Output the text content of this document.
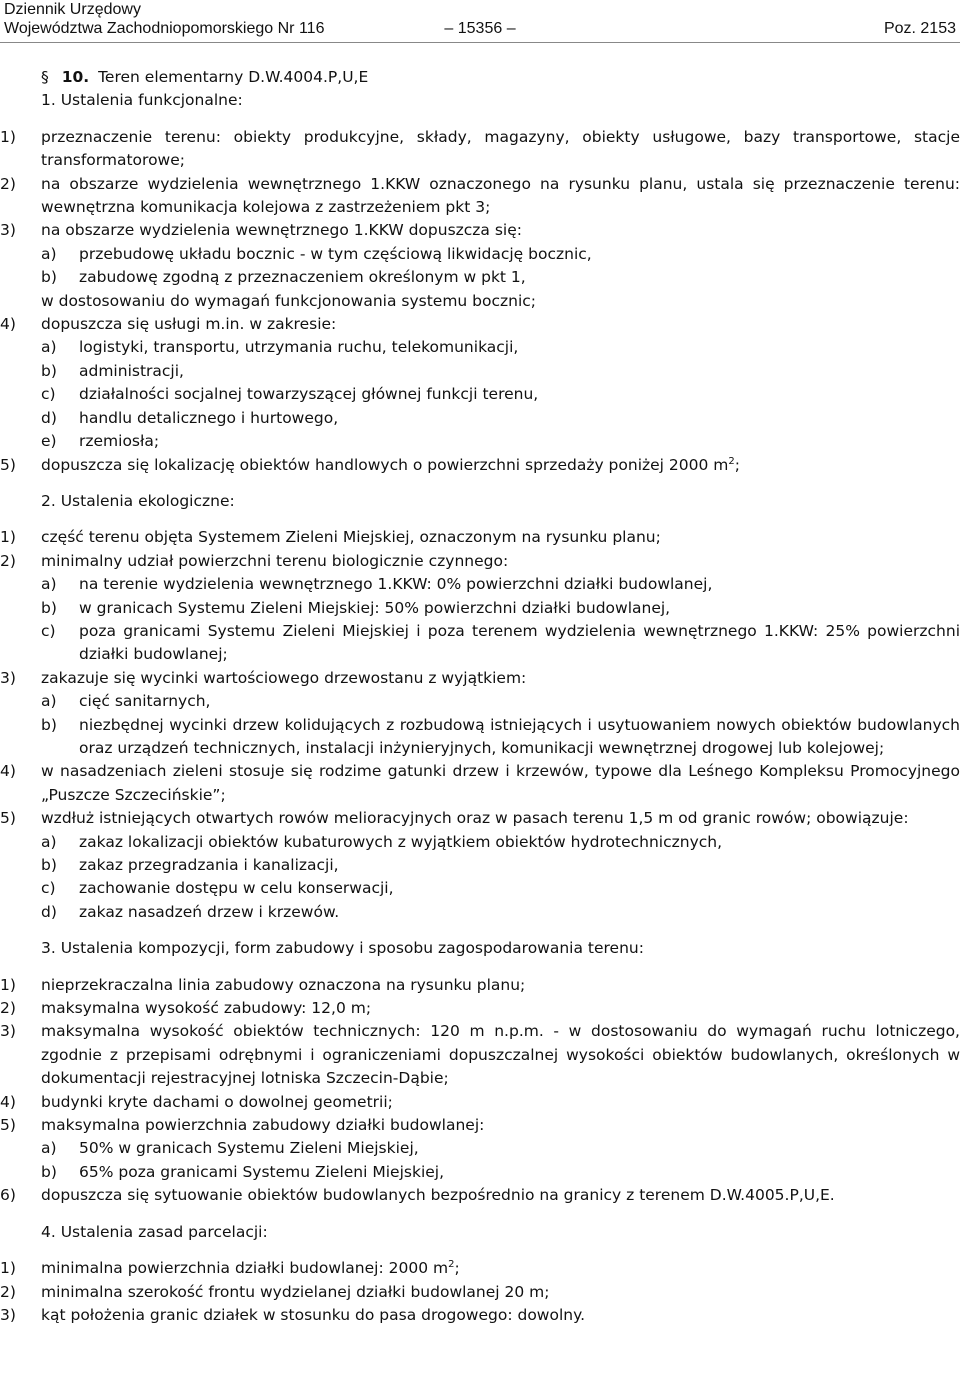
Dziennik Urzędowy
Województwa Zachodniopomorskiego Nr 116	– 15356 –	Poz. 2153
§ 10. Teren elementarny D.W.4004.P,U,E
1. Ustalenia funkcjonalne:
1)	przeznaczenie terenu: obiekty produkcyjne, składy, magazyny, obiekty usługowe, bazy transportowe, stacje transformatorowe;
2)	na obszarze wydzielenia wewnętrznego 1.KKW oznaczonego na rysunku planu, ustala się przeznaczenie terenu: wewnętrzna komunikacja kolejowa z zastrzeżeniem pkt 3;
3)	na obszarze wydzielenia wewnętrznego 1.KKW dopuszcza się:
a)	przebudowę układu bocznic - w tym częściową likwidację bocznic,
b)	zabudowę zgodną z przeznaczeniem określonym w pkt 1,
w dostosowaniu do wymagań funkcjonowania systemu bocznic;
4)	dopuszcza się usługi m.in. w zakresie:
a)	logistyki, transportu, utrzymania ruchu, telekomunikacji,
b)	administracji,
c)	działalności socjalnej towarzyszącej głównej funkcji terenu,
d)	handlu detalicznego i hurtowego,
e)	rzemiosła;
5)	dopuszcza się lokalizację obiektów handlowych o powierzchni sprzedaży poniżej 2000 $m^2$;
2. Ustalenia ekologiczne:
1)	część terenu objęta Systemem Zieleni Miejskiej, oznaczonym na rysunku planu;
2)	minimalny udział powierzchni terenu biologicznie czynnego:
a)	na terenie wydzielenia wewnętrznego 1.KKW: 0% powierzchni działki budowlanej,
b)	w granicach Systemu Zieleni Miejskiej: 50% powierzchni działki budowlanej,
c)	poza granicami Systemu Zieleni Miejskiej i poza terenem wydzielenia wewnętrznego 1.KKW: 25% powierzchni działki budowlanej;
3)	zakazuje się wycinki wartościowego drzewostanu z wyjątkiem:
a)	cięć sanitarnych,
b)	niezbędnej wycinki drzew kolidujących z rozbudową istniejących i usytuowaniem nowych obiektów budowlanych oraz urządzeń technicznych, instalacji inżynieryjnych, komunikacji wewnętrznej drogowej lub kolejowej;
4)	w nasadzeniach zieleni stosuje się rodzime gatunki drzew i krzewów, typowe dla Leśnego Kompleksu Promocyjnego „Puszcze Szczecińskie”;
5)	wzdłuż istniejących otwartych rowów melioracyjnych oraz w pasach terenu 1,5 m od granic rowów; obowiązuje:
a)	zakaz lokalizacji obiektów kubaturowych z wyjątkiem obiektów hydrotechnicznych,
b)	zakaz przegradzania i kanalizacji,
c)	zachowanie dostępu w celu konserwacji,
d)	zakaz nasadzeń drzew i krzewów.
3. Ustalenia kompozycji, form zabudowy i sposobu zagospodarowania terenu:
1)	nieprzekraczalna linia zabudowy oznaczona na rysunku planu;
2)	maksymalna wysokość zabudowy: 12,0 m;
3)	maksymalna wysokość obiektów technicznych: 120 m n.p.m. - w dostosowaniu do wymagań ruchu lotniczego, zgodnie z przepisami odrębnymi i ograniczeniami dopuszczalnej wysokości obiektów budowlanych, określonych w dokumentacji rejestracyjnej lotniska Szczecin-Dąbie;
4)	budynki kryte dachami o dowolnej geometrii;
5)	maksymalna powierzchnia zabudowy działki budowlanej:
a)	50% w granicach Systemu Zieleni Miejskiej,
b)	65% poza granicami Systemu Zieleni Miejskiej,
6)	dopuszcza się sytuowanie obiektów budowlanych bezpośrednio na granicy z terenem D.W.4005.P,U,E.
4. Ustalenia zasad parcelacji:
1)	minimalna powierzchnia działki budowlanej: 2000 $m^2$;
2)	minimalna szerokość frontu wydzielanej działki budowlanej 20 m;
3)	kąt położenia granic działek w stosunku do pasa drogowego: dowolny.
